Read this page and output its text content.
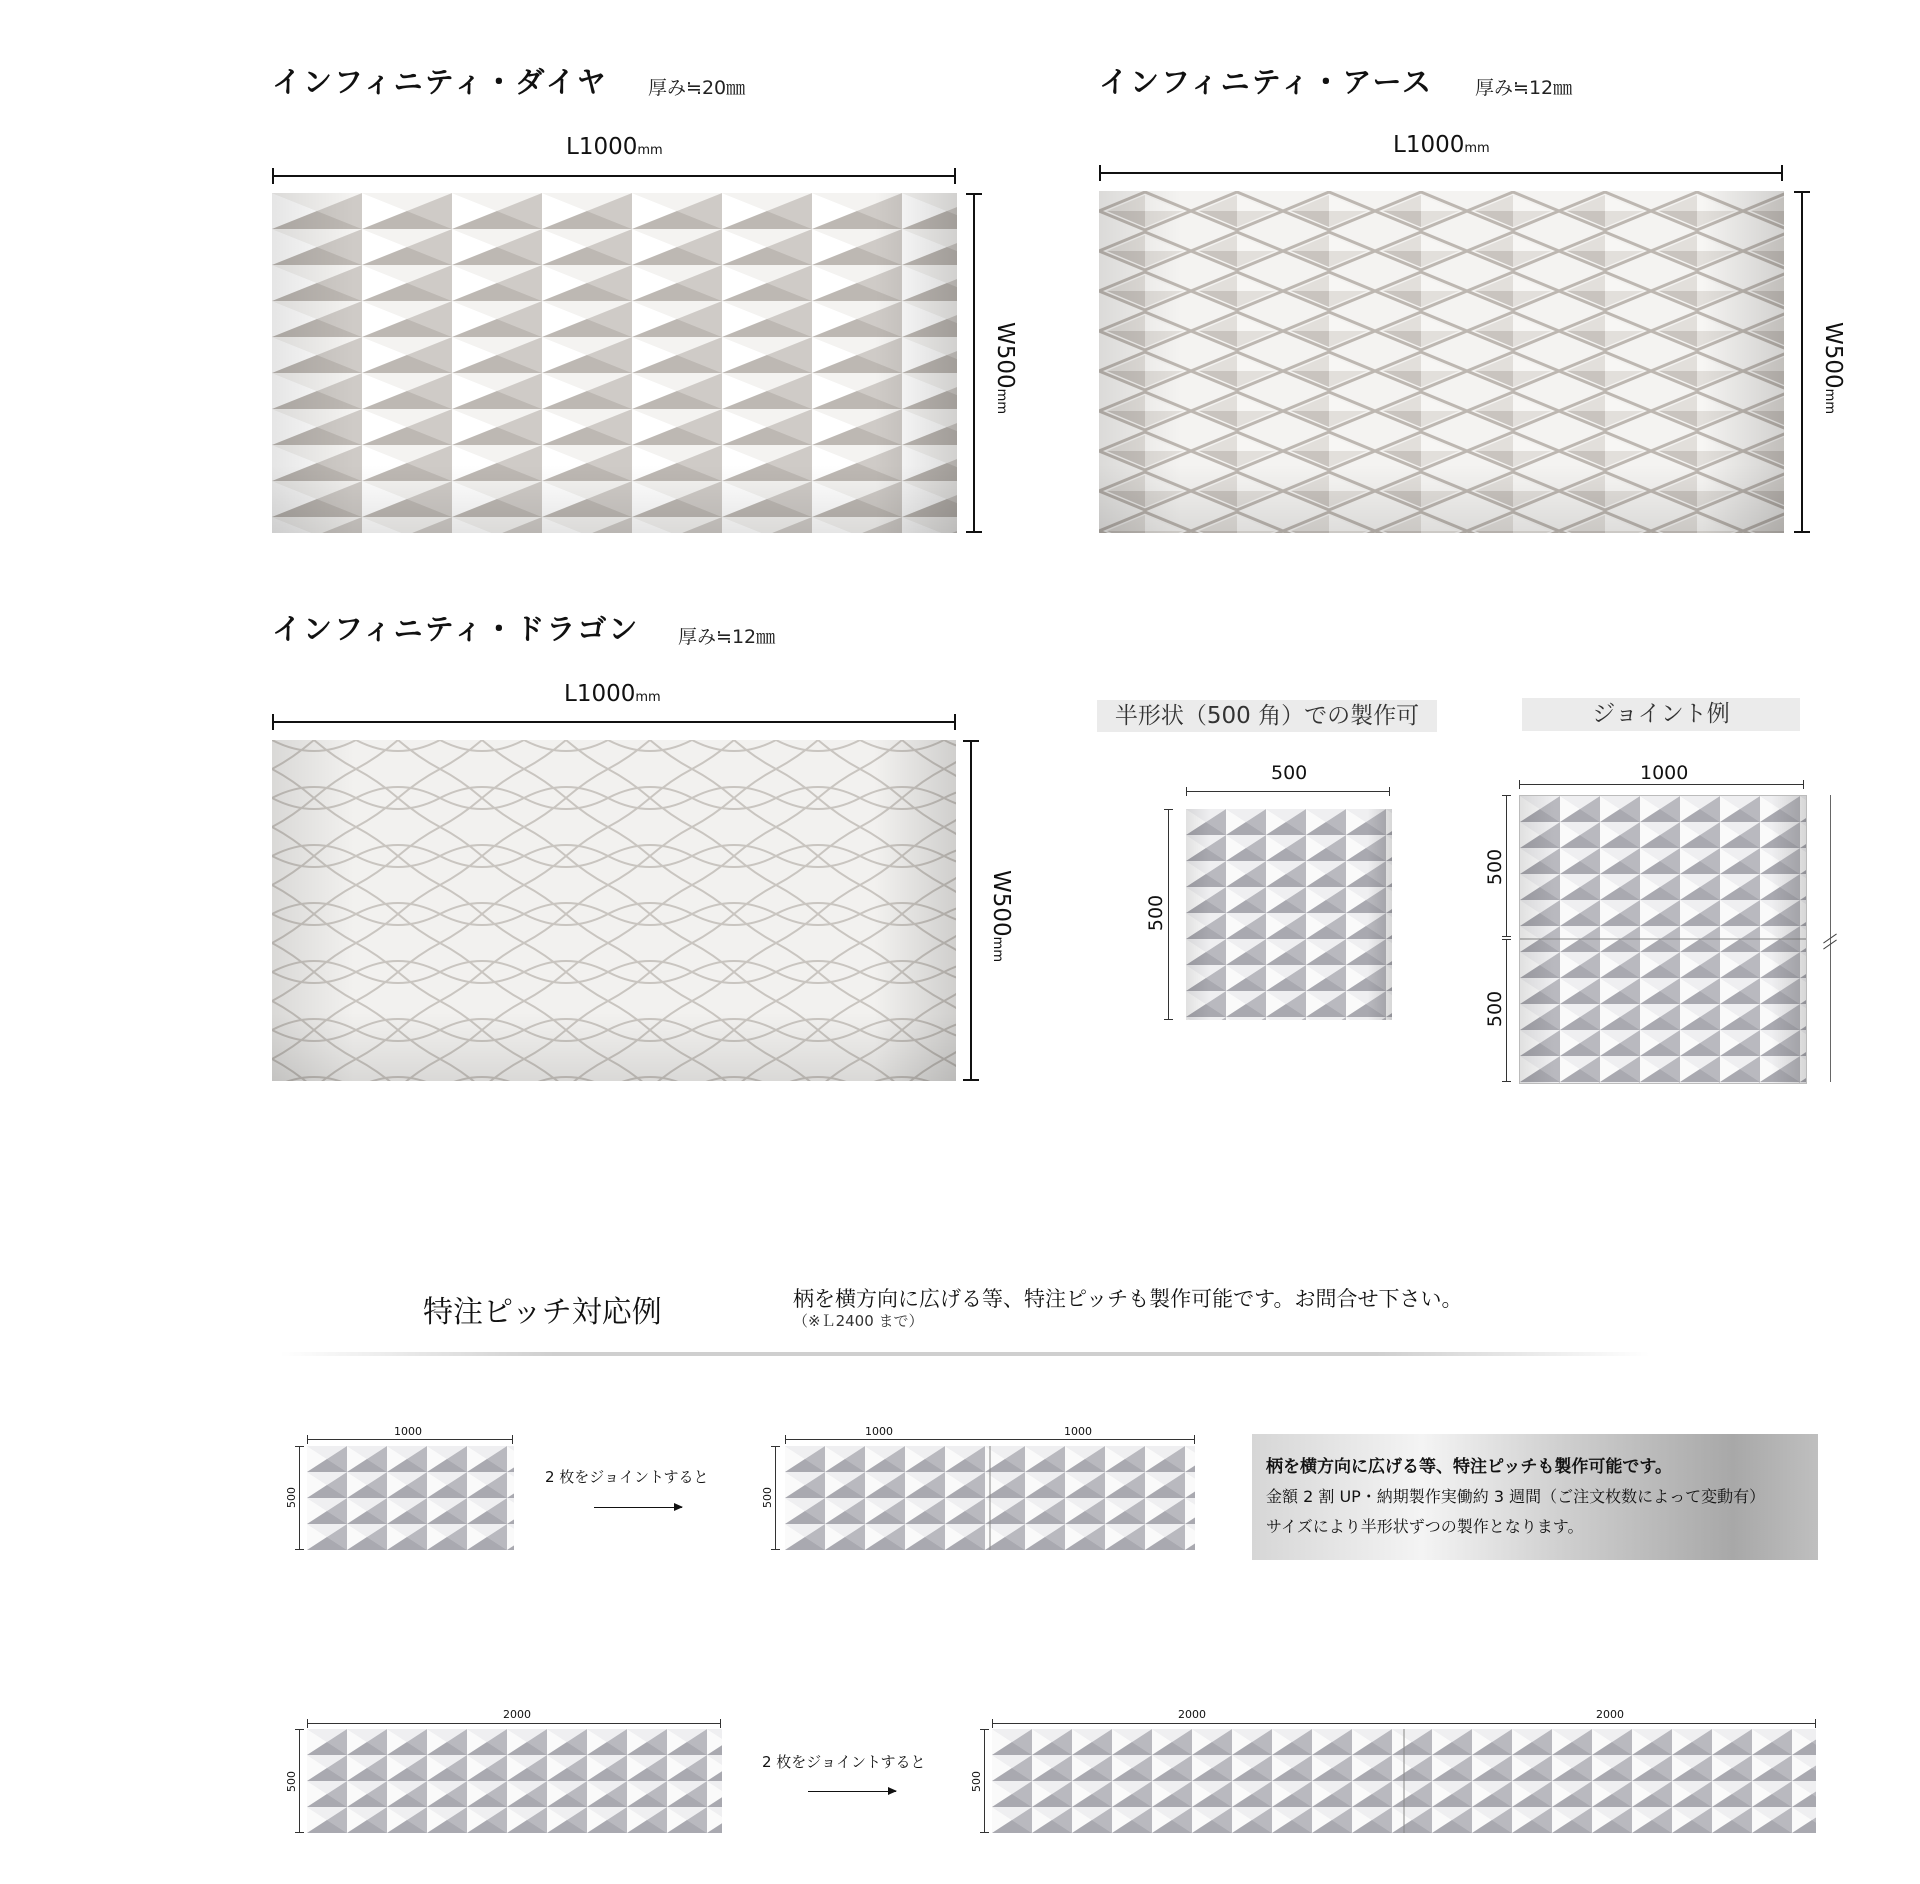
インフィニティ・ダイヤ 厚み≒20㎜
L1000mm
W500mm
インフィニティ・アース 厚み≒12㎜
L1000mm
W500mm
インフィニティ・ドラゴン 厚み≒12㎜
L1000mm
W500mm
半形状（500 角）での製作可
500
500
ジョイント例
1000
500
500
特注ピッチ対応例	柄を横方向に広げる等、特注ピッチも製作可能です。お問合せ下さい。
（※Ｌ2400 まで）
1000
500
2 枚をジョイントすると
1000	1000
500
柄を横方向に広げる等、特注ピッチも製作可能です。
金額 2 割 UP・納期製作実働約 3 週間（ご注文枚数によって変動有）
サイズにより半形状ずつの製作となります。
2000
500
2 枚をジョイントすると
2000	2000
500
